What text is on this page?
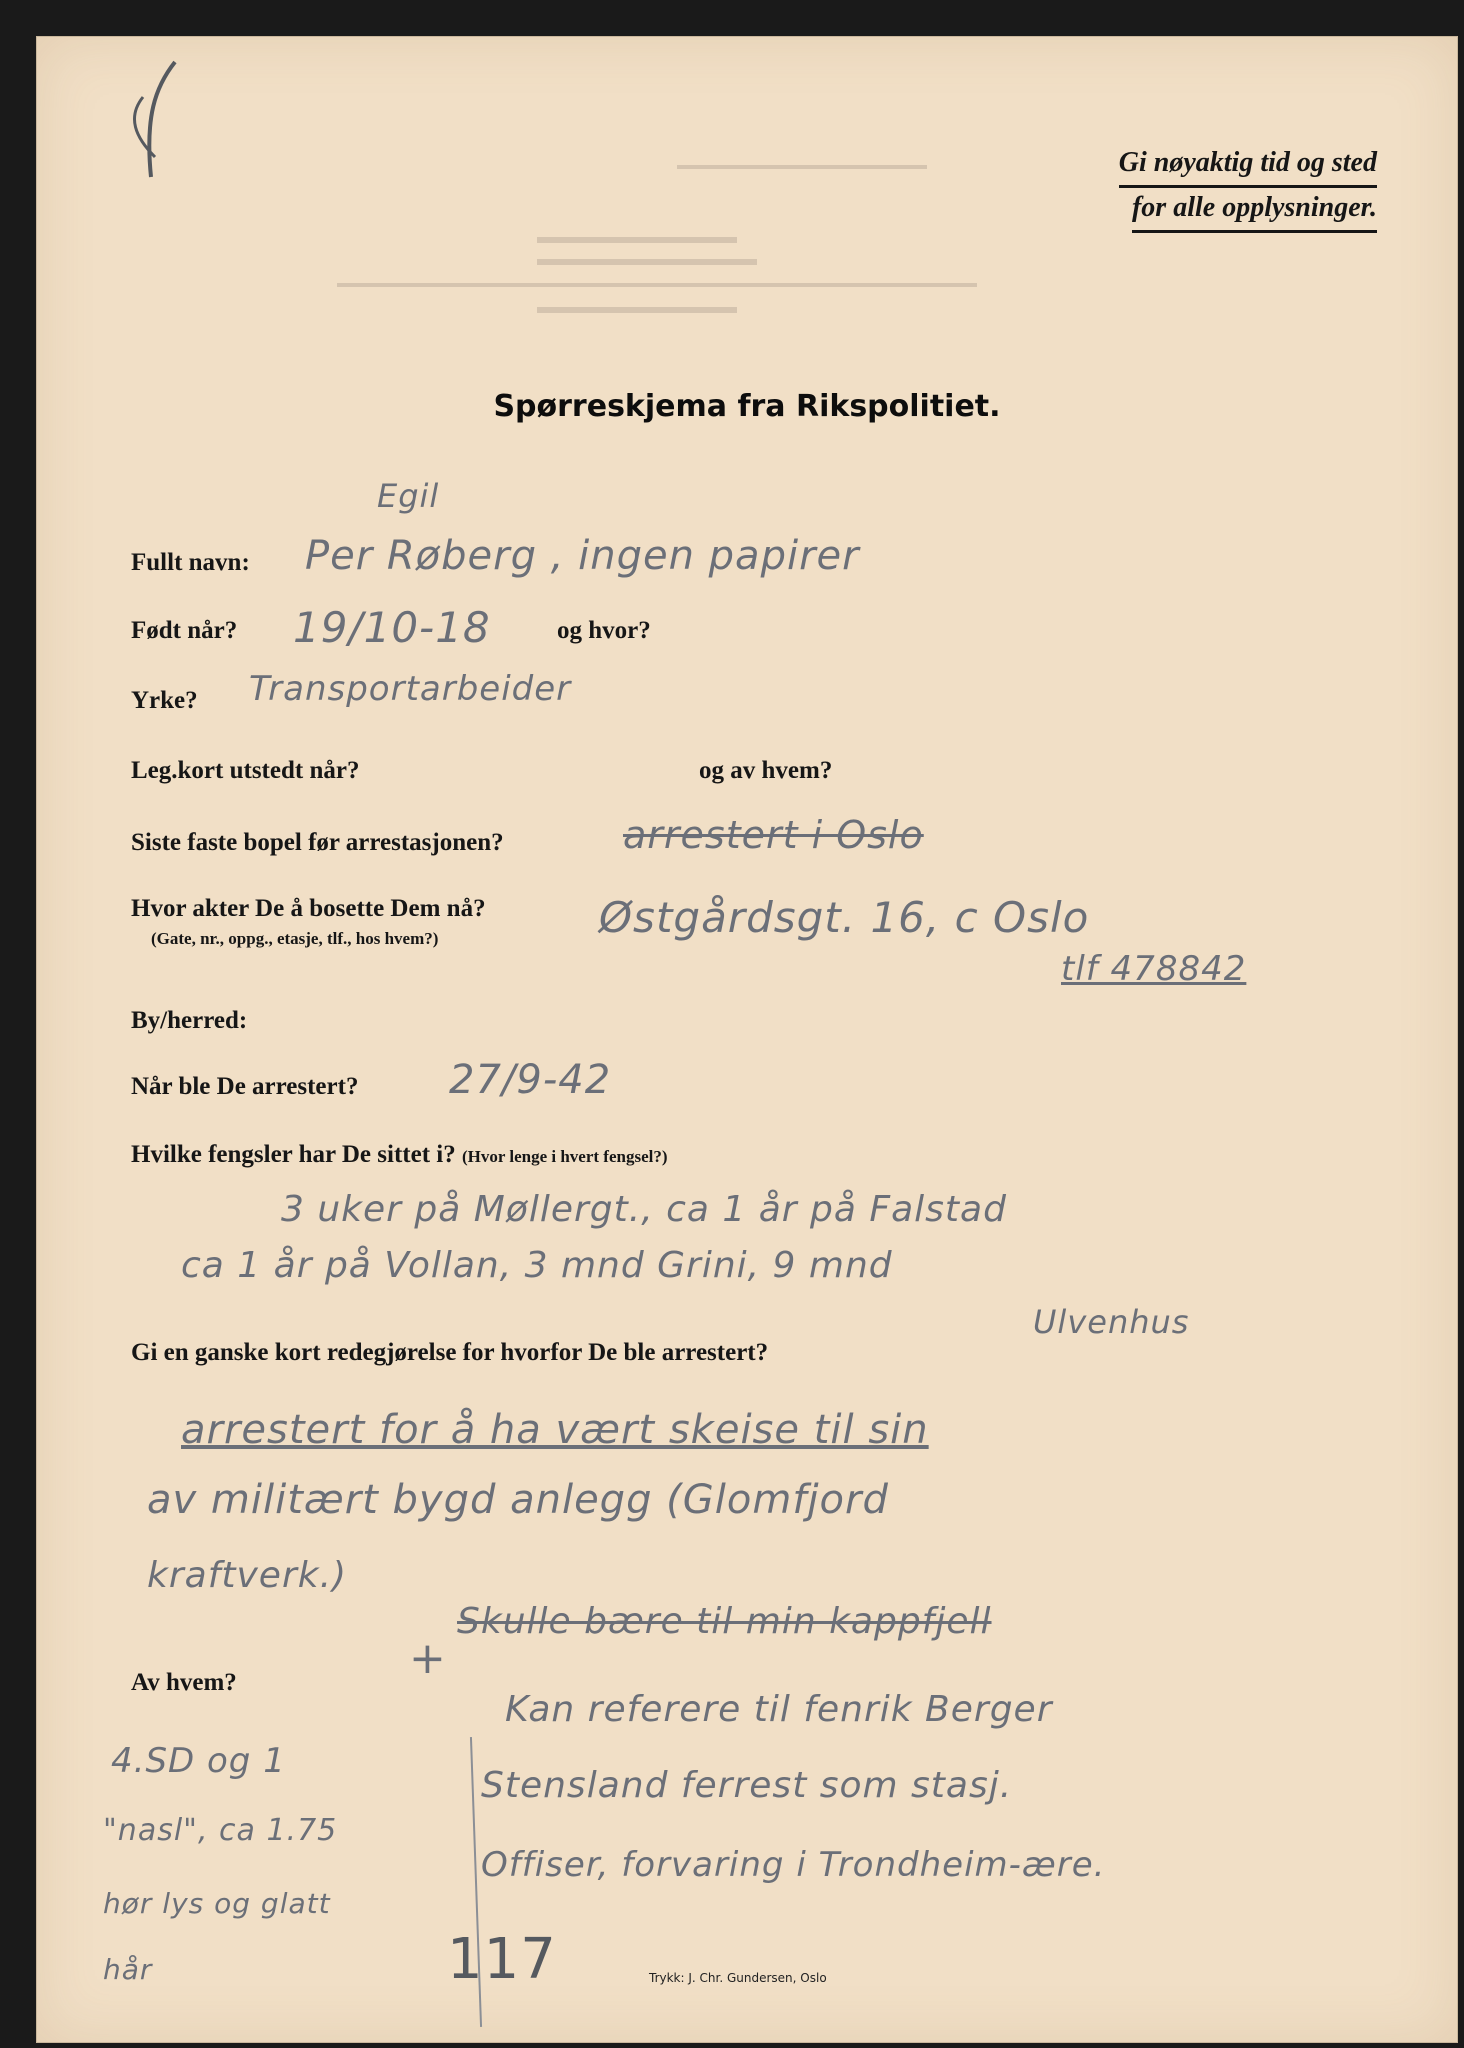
Gi nøyaktig tid og sted
for alle opplysninger.
Spørreskjema fra Rikspolitiet.
Fullt navn:
Egil
Per Røberg , ingen papirer
Født når? 19/10-18	og hvor?
Yrke? Transportarbeider
Leg.kort utstedt når?	og av hvem?
Siste faste bopel før arrestasjonen?	arrestert i Oslo
Hvor akter De å bosette Dem nå?
(Gate, nr., oppg., etasje, tlf., hos hvem?)	Østgårdsgt. 16, c Oslo
tlf 478842
By/herred:
Når ble De arrestert? 27/9-42
Hvilke fengsler har De sittet i? (Hvor lenge i hvert fengsel?)
3 uker på Møllergt., ca 1 år på Falstad
ca 1 år på Vollan, 3 mnd Grini, 9 mnd
Ulvenhus
Gi en ganske kort redegjørelse for hvorfor De ble arrestert?
arrestert for å ha vært skeise til sin
av militært bygd anlegg (Glomfjord
kraftverk.)
Skulle bære til min kappfjell
Av hvem?	+
Kan referere til fenrik Berger
Stensland ferrest som stasj.
Offiser, forvaring i Trondheim-ære.
117
4.SD og 1
"nasl", ca 1.75
hør lys og glatt
hår	Trykk: J. Chr. Gundersen, Oslo
